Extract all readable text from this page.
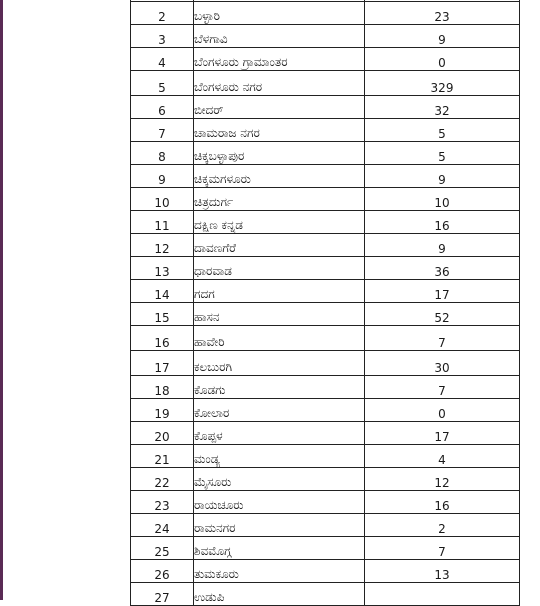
2	ಬಳ್ಳಾರಿ	23
3	ಬೆಳಗಾವಿ	9
4	ಬೆಂಗಳೂರು ಗ್ರಾಮಾಂತರ	0
5	ಬೆಂಗಳೂರು ನಗರ	329
6	ಬೀದರ್	32
7	ಚಾಮರಾಜ ನಗರ	5
8	ಚಿಕ್ಕಬಳ್ಳಾಪುರ	5
9	ಚಿಕ್ಕಮಗಳೂರು	9
10	ಚಿತ್ರದುರ್ಗ	10
11	ದಕ್ಷಿಣ ಕನ್ನಡ	16
12	ದಾವಣಗೆರೆ	9
13	ಧಾರವಾಡ	36
14	ಗದಗ	17
15	ಹಾಸನ	52
16	ಹಾವೇರಿ	7
17	ಕಲಬುರಗಿ	30
18	ಕೊಡಗು	7
19	ಕೋಲಾರ	0
20	ಕೊಪ್ಪಳ	17
21	ಮಂಡ್ಯ	4
22	ಮೈಸೂರು	12
23	ರಾಯಚೂರು	16
24	ರಾಮನಗರ	2
25	ಶಿವಮೊಗ್ಗ	7
26	ತುಮಕೂರು	13
27	ಉಡುಪಿ	
